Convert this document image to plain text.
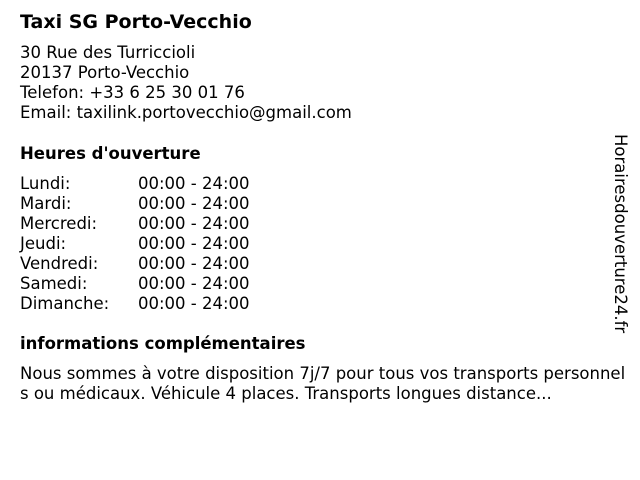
Taxi SG Porto-Vecchio
30 Rue des Turriccioli
20137 Porto-Vecchio
Telefon: +33 6 25 30 01 76
Email: taxilink.portovecchio@gmail.com
Heures d'ouverture
Lundi:	00:00 - 24:00
Mardi:	00:00 - 24:00
Mercredi: 00:00 - 24:00
Jeudi:	00:00 - 24:00
Vendredi: 00:00 - 24:00
Samedi:	00:00 - 24:00
Dimanche: 00:00 - 24:00
informations complémentaires
Nous sommes à votre disposition 7j/7 pour tous vos transports personnels ou médicaux. Véhicule 4 places. Transports longues distance...
Horairesdouverture24.fr
